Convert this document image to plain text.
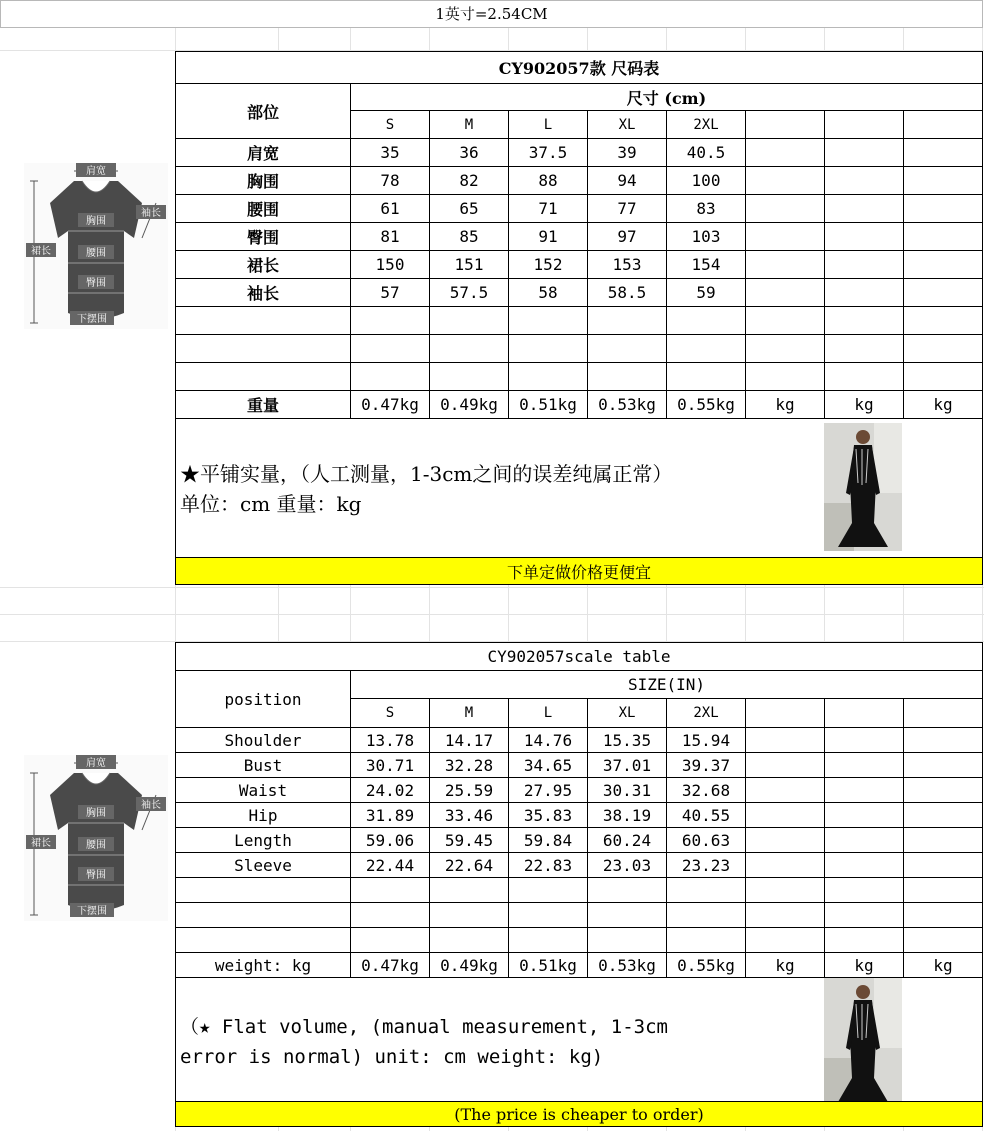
1英寸=2.54CM
肩宽
袖长
裙长
胸围
腰围
臀围
下摆围
CY902057款 尺码表								
部位	尺寸 (cm)							
	S	M	L	XL	2XL			
肩宽	35	36	37.5	39	40.5			
胸围	78	82	88	94	100			
腰围	61	65	71	77	83			
臀围	81	85	91	97	103			
裙长	150	151	152	153	154			
袖长	57	57.5	58	58.5	59			

重量	0.47kg	0.49kg	0.51kg	0.53kg	0.55kg	kg	kg	kg

★平铺实量，（人工测量，1-3cm之间的误差纯属正常）
单位：cm 重量：kg								

下单定做价格更便宜								
肩宽
袖长
裙长
胸围
腰围
臀围
下摆围
CY902057scale table								
position	SIZE(IN)							
	S	M	L	XL	2XL			
Shoulder	13.78	14.17	14.76	15.35	15.94			
Bust	30.71	32.28	34.65	37.01	39.37			
Waist	24.02	25.59	27.95	30.31	32.68			
Hip	31.89	33.46	35.83	38.19	40.55			
Length	59.06	59.45	59.84	60.24	60.63			
Sleeve	22.44	22.64	22.83	23.03	23.23			

weight: kg	0.47kg	0.49kg	0.51kg	0.53kg	0.55kg	kg	kg	kg

（★ Flat volume, (manual measurement, 1-3cm
error is normal) unit: cm weight: kg)								

(The price is cheaper to order)								
